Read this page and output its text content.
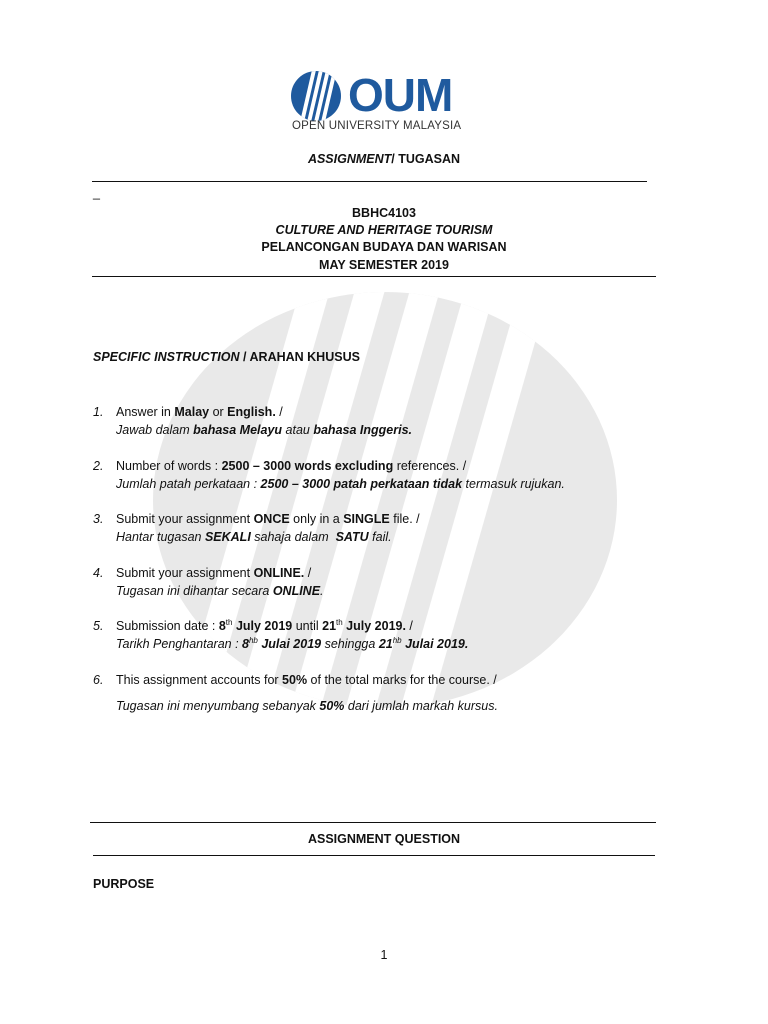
OUM
OPEN UNIVERSITY MALAYSIA
ASSIGNMENT/ TUGASAN
_
BBHC4103
CULTURE AND HERITAGE TOURISM
PELANCONGAN BUDAYA DAN WARISAN
MAY SEMESTER 2019
SPECIFIC INSTRUCTION / ARAHAN KHUSUS
1. Answer in Malay or English. /
Jawab dalam bahasa Melayu atau bahasa Inggeris.
2. Number of words : 2500 – 3000 words excluding references. /
Jumlah patah perkataan : 2500 – 3000 patah perkataan tidak termasuk rujukan.
3. Submit your assignment ONCE only in a SINGLE file. /
Hantar tugasan SEKALI sahaja dalam  SATU fail.
4. Submit your assignment ONLINE. /
Tugasan ini dihantar secara ONLINE.
5. Submission date : 8th July 2019 until 21th July 2019. /
Tarikh Penghantaran : $8^{hb}$ Julai 2019 sehingga $21^{hb}$ Julai 2019.
6. This assignment accounts for 50% of the total marks for the course. /
Tugasan ini menyumbang sebanyak 50% dari jumlah markah kursus.
ASSIGNMENT QUESTION
PURPOSE
1
